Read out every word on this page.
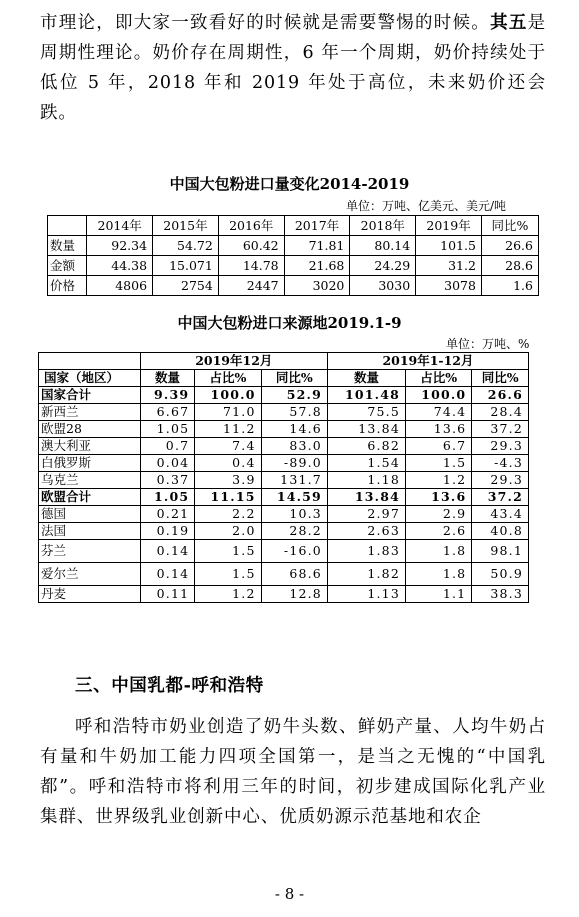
市理论，即大家一致看好的时候就是需要警惕的时候。其五是周期性理论。奶价存在周期性，6 年一个周期，奶价持续处于低位 5 年，2018 年和 2019 年处于高位，未来奶价还会跌。

中国大包粉进口量变化2014-2019

单位：万吨、亿美元、美元/吨

	2014年	2015年	2016年	2017年	2018年	2019年	同比%
数量	92.34	54.72	60.42	71.81	80.14	101.5	26.6
金额	44.38	15.071	14.78	21.68	24.29	31.2	28.6
价格	4806	2754	2447	3020	3030	3078	1.6

中国大包粉进口来源地2019.1-9

单位：万吨、%

	2019年12月			2019年1-12月		
国家（地区）	数量	占比%	同比%	数量	占比%	同比%
国家合计	9.39	100.0	52.9	101.48	100.0	26.6
新西兰	6.67	71.0	57.8	75.5	74.4	28.4
欧盟28	1.05	11.2	14.6	13.84	13.6	37.2
澳大利亚	0.7	7.4	83.0	6.82	6.7	29.3
白俄罗斯	0.04	0.4	-89.0	1.54	1.5	-4.3
乌克兰	0.37	3.9	131.7	1.18	1.2	29.3
欧盟合计	1.05	11.15	14.59	13.84	13.6	37.2
德国	0.21	2.2	10.3	2.97	2.9	43.4
法国	0.19	2.0	28.2	2.63	2.6	40.8
芬兰	0.14	1.5	-16.0	1.83	1.8	98.1
爱尔兰	0.14	1.5	68.6	1.82	1.8	50.9
丹麦	0.11	1.2	12.8	1.13	1.1	38.3

三、中国乳都-呼和浩特

呼和浩特市奶业创造了奶牛头数、鲜奶产量、人均牛奶占有量和牛奶加工能力四项全国第一，是当之无愧的“中国乳都”。呼和浩特市将利用三年的时间，初步建成国际化乳产业集群、世界级乳业创新中心、优质奶源示范基地和农企

- 8 -
